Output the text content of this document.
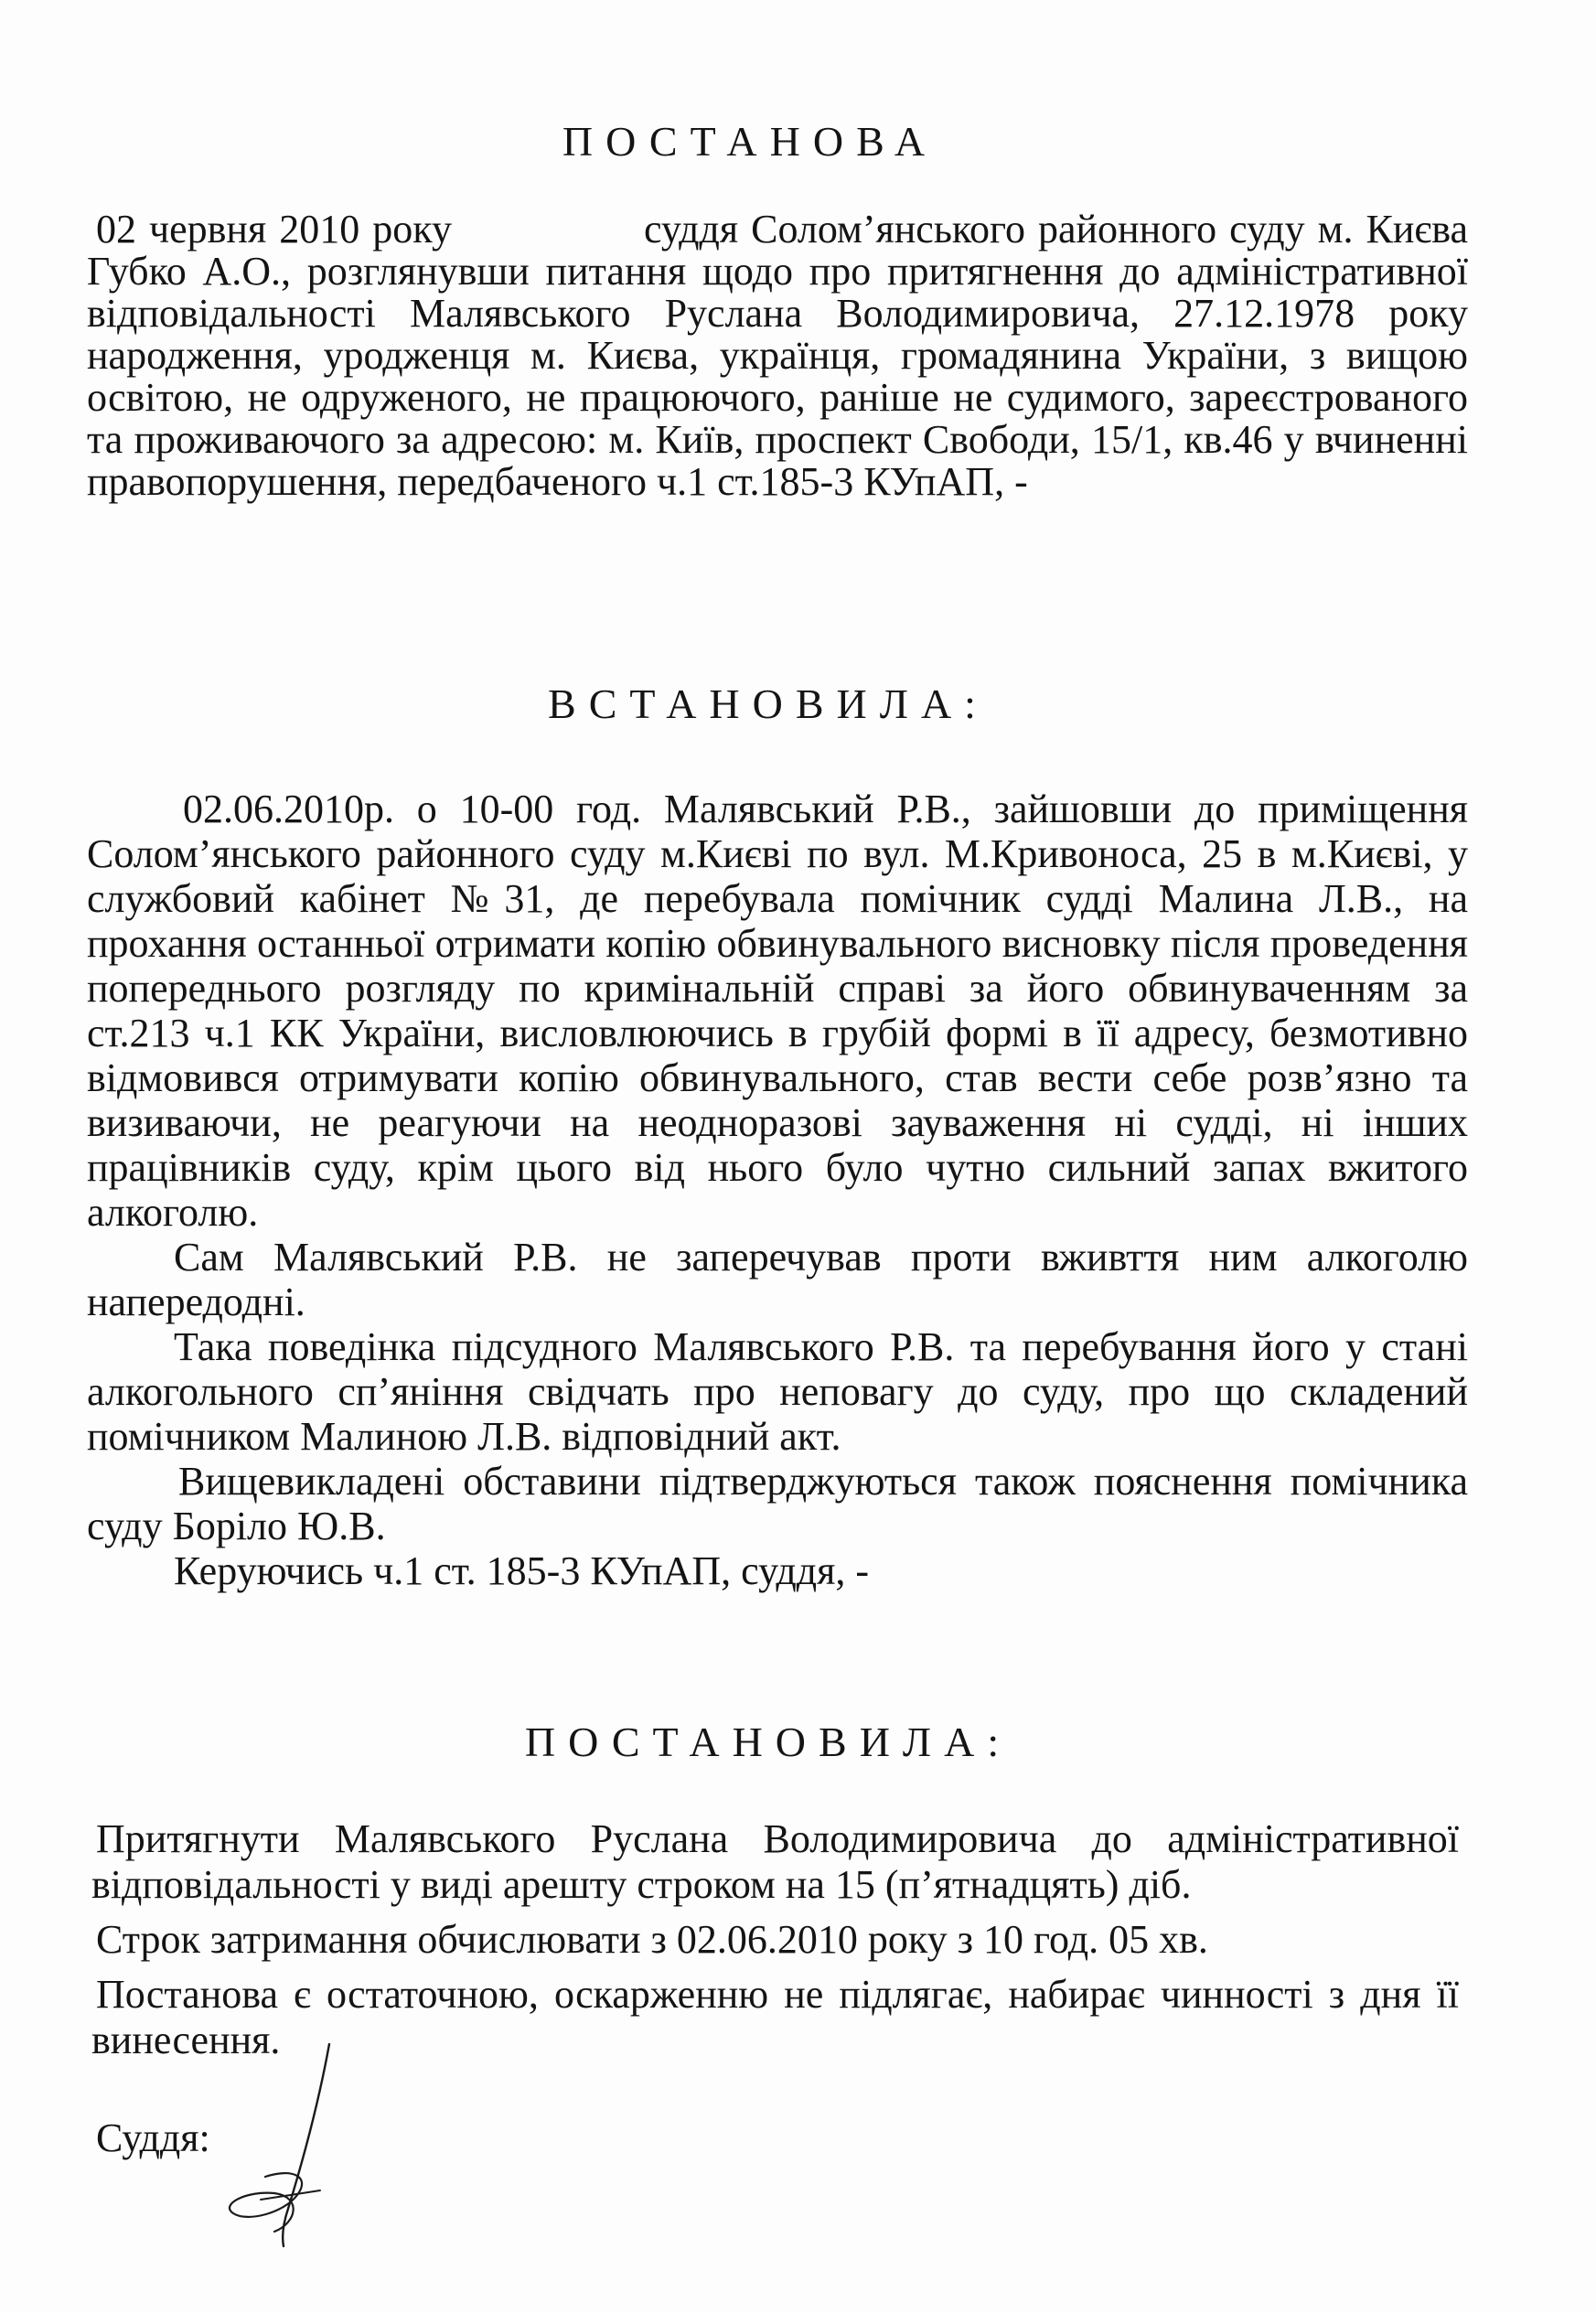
ПОСТАНОВА
02 червня 2010 року	суддя Солом’янського районного суду м. Києва Губко А.О., розглянувши питання щодо про притягнення до адміністративної відповідальності Малявського Руслана Володимировича, 27.12.1978 року народження, уродженця м. Києва, українця, громадянина України, з вищою освітою, не одруженого, не працюючого, раніше не судимого, зареєстрованого та проживаючого за адресою: м. Київ, проспект Свободи, 15/1, кв.46 у вчиненні правопорушення, передбаченого ч.1 ст.185-3 КУпАП, -
ВСТАНОВИЛА:

02.06.2010р. о 10-00 год. Малявський Р.В., зайшовши до приміщення Солом’янського районного суду м.Києві по вул. М.Кривоноса, 25 в м.Києві, у службовий кабінет №31, де перебувала помічник судді Малина Л.В., на прохання останньої отримати копію обвинувального висновку після проведення попереднього розгляду по кримінальній справі за його обвинуваченням за ст.213 ч.1 КК України, висловлюючись в грубій формі в її адресу, безмотивно відмовився отримувати копію обвинувального, став вести себе розв’язно та визиваючи, не реагуючи на неодноразові зауваження ні судді, ні інших працівників суду, крім цього від нього було чутно сильний запах вжитого алкоголю.

Сам Малявський Р.В. не заперечував проти вживття ним алкоголю напередодні.

Така поведінка підсудного Малявського Р.В. та перебування його у стані алкогольного сп’яніння свідчать про неповагу до суду, про що складений помічником Малиною Л.В. відповідний акт.

Вищевикладені обставини підтверджуються також пояснення помічника суду Боріло Ю.В.

Керуючись ч.1 ст. 185-3 КУпАП, суддя, -

ПОСТАНОВИЛА:

Притягнути Малявського Руслана Володимировича до адміністративної відповідальності у виді арешту строком на 15 (п’ятнадцять) діб.

Строк затримання обчислювати з 02.06.2010 року з 10 год. 05 хв.

Постанова є остаточною, оскарженню не підлягає, набирає чинності з дня її винесення.

Суддя:
